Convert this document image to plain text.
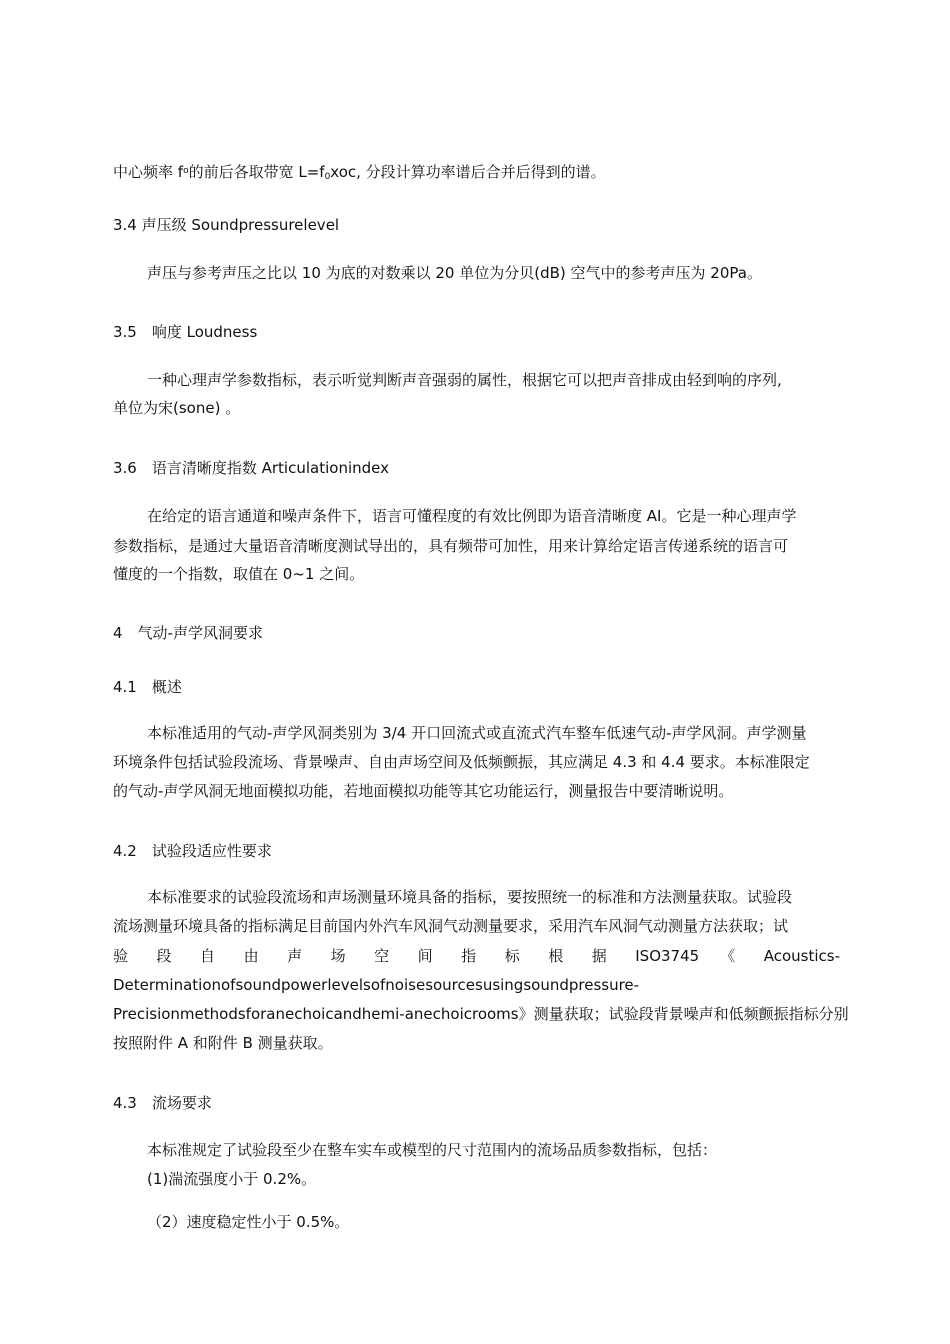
中心频率 $f^o$的前后各取带宽 $L=f_0xoc$, 分段计算功率谱后合并后得到的谱。
3.4 声压级 Soundpressurelevel
声压与参考声压之比以 10 为底的对数乘以 20 单位为分贝(dB) 空气中的参考声压为 20Pa。
3.5　响度 Loudness
一种心理声学参数指标，表示听觉判断声音强弱的属性，根据它可以把声音排成由轻到响的序列,
单位为宋(sone) 。
3.6　语言清晰度指数 Articulationindex
在给定的语言通道和噪声条件下，语言可懂程度的有效比例即为语音清晰度 AI。它是一种心理声学
参数指标，是通过大量语音清晰度测试导出的，具有频带可加性，用来计算给定语言传递系统的语言可
懂度的一个指数，取值在 0~1 之间。
4　气动-声学风洞要求
4.1　概述
本标准适用的气动-声学风洞类别为 3/4 开口回流式或直流式汽车整车低速气动-声学风洞。声学测量
环境条件包括试验段流场、背景噪声、自由声场空间及低频颤振，其应满足 4.3 和 4.4 要求。本标准限定
的气动-声学风洞无地面模拟功能，若地面模拟功能等其它功能运行，测量报告中要清晰说明。
4.2　试验段适应性要求
本标准要求的试验段流场和声场测量环境具备的指标，要按照统一的标准和方法测量获取。试验段
流场测量环境具备的指标满足目前国内外汽车风洞气动测量要求，采用汽车风洞气动测量方法获取；试
验　段　自　由　声　场　空　间　指　标　根　据　ISO3745　《　Acoustics-
Determinationofsoundpowerlevelsofnoisesourcesusingsoundpressure-
Precisionmethodsforanechoicandhemi-anechoicrooms》测量获取；试验段背景噪声和低频颤振指标分别
按照附件 A 和附件 B 测量获取。
4.3　流场要求
本标准规定了试验段至少在整车实车或模型的尺寸范围内的流场品质参数指标，包括：
(1)湍流强度小于 0.2%。
（2）速度稳定性小于 0.5%。
